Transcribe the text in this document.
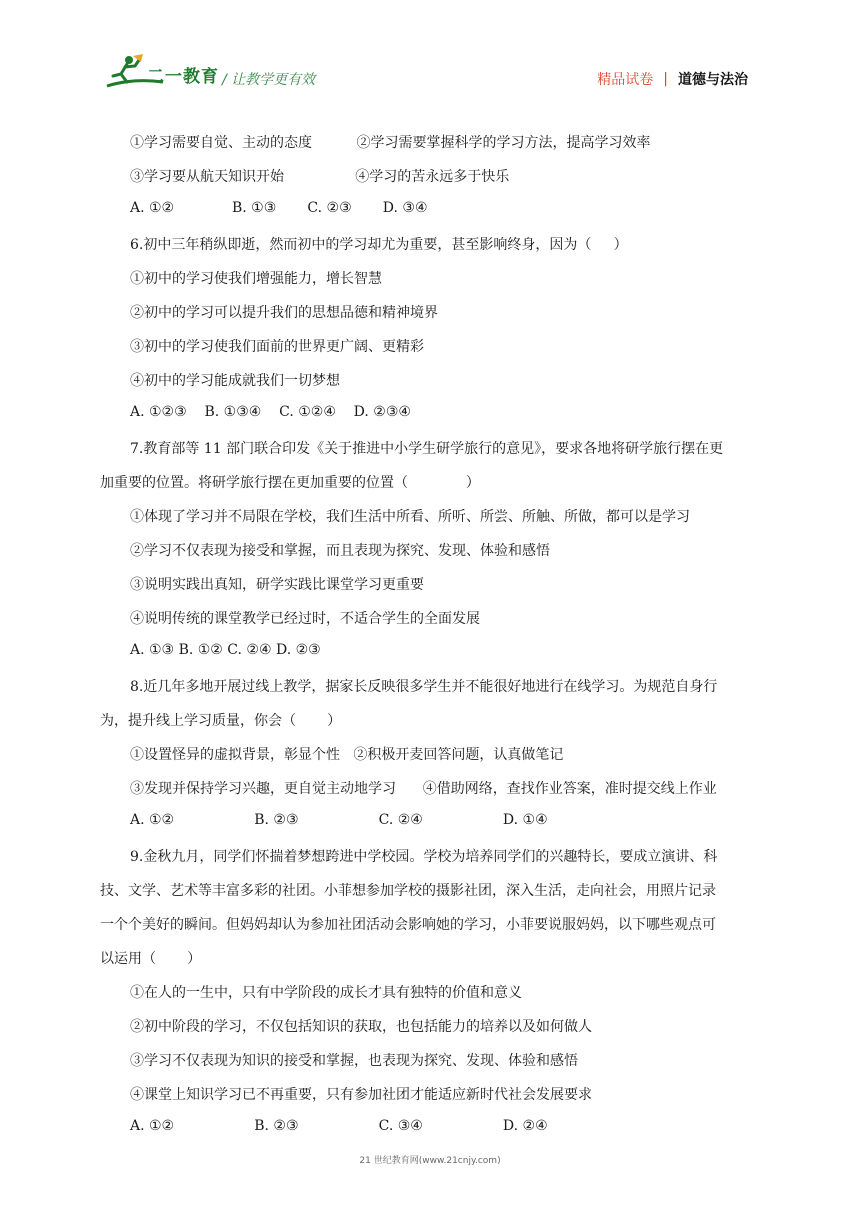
二一教育 / 让教学更有效	精品试卷 | 道德与法治
①学习需要自觉、主动的态度          ②学习需要掌握科学的学习方法，提高学习效率
③学习要从航天知识开始                ④学习的苦永远多于快乐
A. ①②             B. ①③       C. ②③       D. ③④
6.初中三年稍纵即逝，然而初中的学习却尤为重要，甚至影响终身，因为（     ）
①初中的学习使我们增强能力，增长智慧
②初中的学习可以提升我们的思想品德和精神境界
③初中的学习使我们面前的世界更广阔、更精彩
④初中的学习能成就我们一切梦想
A. ①②③    B. ①③④    C. ①②④    D. ②③④
7.教育部等 11 部门联合印发《关于推进中小学生研学旅行的意见》，要求各地将研学旅行摆在更
加重要的位置。将研学旅行摆在更加重要的位置（             ）
①体现了学习并不局限在学校，我们生活中所看、所听、所尝、所触、所做，都可以是学习
②学习不仅表现为接受和掌握，而且表现为探究、发现、体验和感悟
③说明实践出真知，研学实践比课堂学习更重要
④说明传统的课堂教学已经过时，不适合学生的全面发展
A. ①③ B. ①② C. ②④ D. ②③
8.近几年多地开展过线上教学，据家长反映很多学生并不能很好地进行在线学习。为规范自身行
为，提升线上学习质量，你会（       ）
①设置怪异的虚拟背景，彰显个性   ②积极开麦回答问题，认真做笔记
③发现并保持学习兴趣，更自觉主动地学习      ④借助网络，查找作业答案，准时提交线上作业
A. ①②                  B. ②③                  C. ②④                  D. ①④
9.金秋九月，同学们怀揣着梦想跨进中学校园。学校为培养同学们的兴趣特长，要成立演讲、科
技、文学、艺术等丰富多彩的社团。小菲想参加学校的摄影社团，深入生活，走向社会，用照片记录
一个个美好的瞬间。但妈妈却认为参加社团活动会影响她的学习，小菲要说服妈妈，以下哪些观点可
以运用（       ）
①在人的一生中，只有中学阶段的成长才具有独特的价值和意义
②初中阶段的学习，不仅包括知识的获取，也包括能力的培养以及如何做人
③学习不仅表现为知识的接受和掌握，也表现为探究、发现、体验和感悟
④课堂上知识学习已不再重要，只有参加社团才能适应新时代社会发展要求
A. ①②                  B. ②③                  C. ③④                  D. ②④
21 世纪教育网(www.21cnjy.com)
